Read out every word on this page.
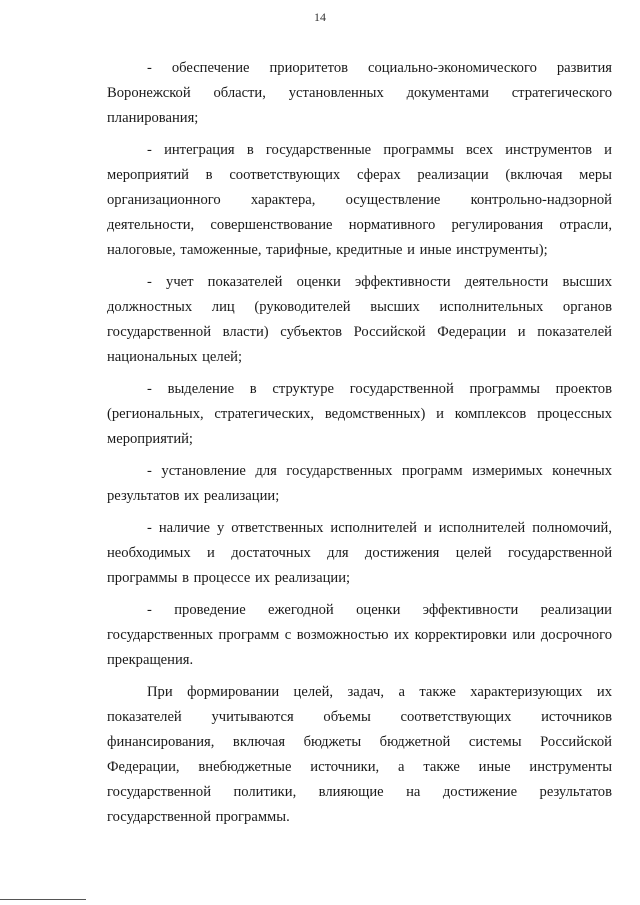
14

- обеспечение приоритетов социально-экономического развития Воронежской области, установленных документами стратегического планирования;

- интеграция в государственные программы всех инструментов и мероприятий в соответствующих сферах реализации (включая меры организационного характера, осуществление контрольно-надзорной деятельности, совершенствование нормативного регулирования отрасли, налоговые, таможенные, тарифные, кредитные и иные инструменты);

- учет показателей оценки эффективности деятельности высших должностных лиц (руководителей высших исполнительных органов государственной власти) субъектов Российской Федерации и показателей национальных целей;

- выделение в структуре государственной программы проектов (региональных, стратегических, ведомственных) и комплексов процессных мероприятий;

- установление для государственных программ измеримых конечных результатов их реализации;

- наличие у ответственных исполнителей и исполнителей полномочий, необходимых и достаточных для достижения целей государственной программы в процессе их реализации;

- проведение ежегодной оценки эффективности реализации государственных программ с возможностью их корректировки или досрочного прекращения.

При формировании целей, задач, а также характеризующих их показателей учитываются объемы соответствующих источников финансирования, включая бюджеты бюджетной системы Российской Федерации, внебюджетные источники, а также иные инструменты государственной политики, влияющие на достижение результатов государственной программы.
